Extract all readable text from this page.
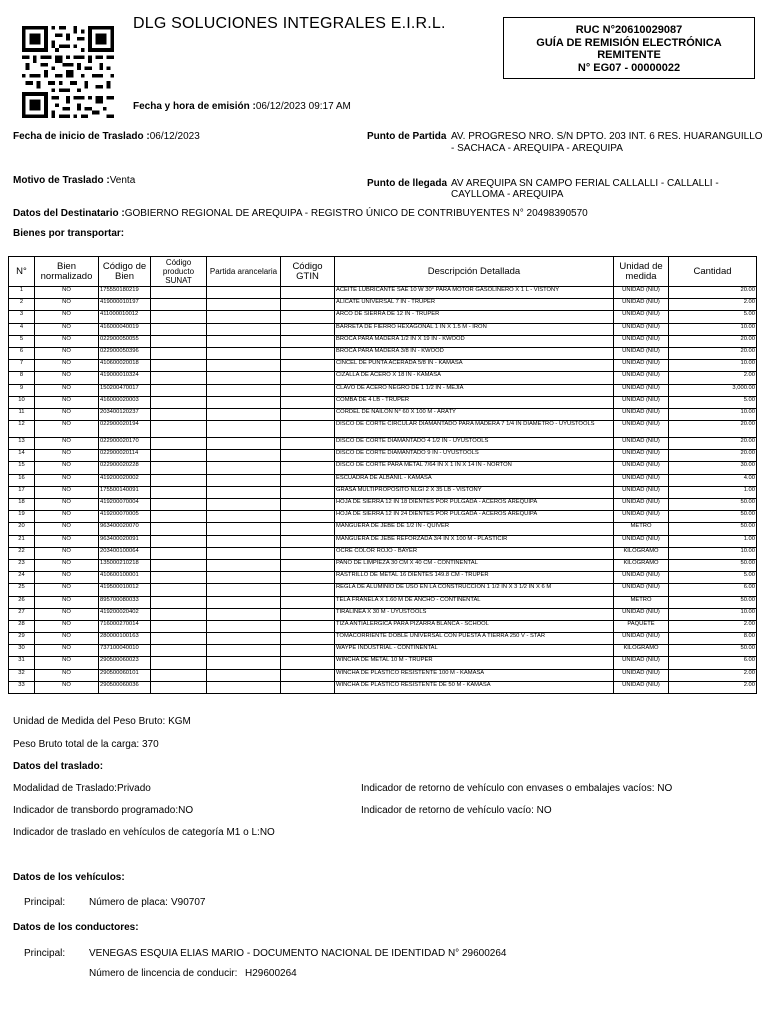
DLG SOLUCIONES INTEGRALES E.I.R.L.
Fecha y hora de emisión :06/12/2023 09:17 AM
RUC N°20610029087
GUÍA DE REMISIÓN ELECTRÓNICA
REMITENTE
N° EG07 - 00000022
Fecha de inicio de Traslado :06/12/2023	Punto de Partida AV. PROGRESO NRO. S/N DPTO. 203 INT. 6 RES. HUARANGUILLO
- SACHACA - AREQUIPA - AREQUIPA
Motivo de Traslado :Venta	Punto de llegada AV AREQUIPA SN CAMPO FERIAL CALLALLI - CALLALLI -
CAYLLOMA - AREQUIPA
Datos del Destinatario :GOBIERNO REGIONAL DE AREQUIPA - REGISTRO ÚNICO DE CONTRIBUYENTES N° 20498390570
Bienes por transportar:
N°	Bien normalizado	Código de Bien	Código producto SUNAT	Partida arancelaria	Código GTIN	Descripción Detallada	Unidad de medida	Cantidad
1	NO	175550180219				ACEITE LUBRICANTE SAE 10 W 30° PARA MOTOR GASOLINERO X 1 L - VISTONY	UNIDAD (NIU)	20.00
2	NO	419000010197				ALICATE UNIVERSAL 7 IN - TRUPER	UNIDAD (NIU)	2.00
3	NO	411000010012				ARCO DE SIERRA DE 12 IN - TRUPER	UNIDAD (NIU)	5.00
4	NO	416000040019				BARRETA DE FIERRO HEXAGONAL 1 IN X 1.5 M - IRON	UNIDAD (NIU)	10.00
5	NO	022900050055				BROCA PARA MADERA 1/2 IN X 19 IN - KWOOD	UNIDAD (NIU)	20.00
6	NO	022900050396				BROCA PARA MADERA 3/8 IN - KWOOD	UNIDAD (NIU)	20.00
7	NO	410600020018				CINCEL DE PUNTA ACERADA 5/8 IN - KAMASA	UNIDAD (NIU)	10.00
8	NO	419000010324				CIZALLA DE ACERO X 18 IN - KAMASA	UNIDAD (NIU)	2.00
9	NO	150200470017				CLAVO DE ACERO NEGRO DE 1 1/2 IN - MEJIA	UNIDAD (NIU)	3,000.00
10	NO	416000020003				COMBA DE 4 LB - TRUPER	UNIDAD (NIU)	5.00
11	NO	203400120237				CORDEL DE NAILON N° 60 X 100 M - ARATY	UNIDAD (NIU)	10.00
12	NO	022900020194				DISCO DE CORTE CIRCULAR DIAMANTADO PARA MADERA 7 1/4 IN DIAMETRO - UYUSTOOLS	UNIDAD (NIU)	20.00
13	NO	022900020170				DISCO DE CORTE DIAMANTADO 4 1/2 IN - UYUSTOOLS	UNIDAD (NIU)	20.00
14	NO	022900020114				DISCO DE CORTE DIAMANTADO 9 IN - UYUSTOOLS	UNIDAD (NIU)	20.00
15	NO	022900020228				DISCO DE CORTE PARA METAL 7/64 IN X 1 IN X 14 IN - NORTON	UNIDAD (NIU)	30.00
16	NO	419200020002				ESCUADRA DE ALBANIL - KAMASA	UNIDAD (NIU)	4.00
17	NO	175500140091				GRASA MULTIPROPÓSITO NLGI 2 X 35 LB - VISTONY	UNIDAD (NIU)	1.00
18	NO	419200070004				HOJA DE SIERRA 12 IN 18 DIENTES POR PULGADA - ACEROS AREQUIPA	UNIDAD (NIU)	50.00
19	NO	419200070005				HOJA DE SIERRA 12 IN 24 DIENTES POR PULGADA - ACEROS AREQUIPA	UNIDAD (NIU)	50.00
20	NO	963400020070				MANGUERA DE JEBE DE 1/2 IN - QUIVER	METRO	50.00
21	NO	963400020091				MANGUERA DE JEBE REFORZADA 3/4 IN X 100 M - PLASTICIR	UNIDAD (NIU)	1.00
22	NO	203400100064				OCRE COLOR ROJO - BAYER	KILOGRAMO	10.00
23	NO	135000210218				PAÑO DE LIMPIEZA 30 CM X 40 CM - CONTINENTAL	KILOGRAMO	50.00
24	NO	410600100001				RASTRILLO DE METAL 16 DIENTES 149.8 CM - TRUPER	UNIDAD (NIU)	5.00
25	NO	419500010012				REGLA DE ALUMINIO DE USO EN LA CONSTRUCCION 1 1/2 IN X 3 1/2 IN X 6 M	UNIDAD (NIU)	6.00
26	NO	895700080033				TELA FRANELA X 1.60 M DE ANCHO - CONTINENTAL	METRO	50.00
27	NO	419200020402				TIRALINEA X 30 M - UYUSTOOLS	UNIDAD (NIU)	10.00
28	NO	716000270014				TIZA ANTIALERGICA PARA PIZARRA BLANCA - SCHOOL	PAQUETE	2.00
29	NO	280000100163				TOMACORRIENTE DOBLE UNIVERSAL CON PUESTA A TIERRA 250 V - STAR	UNIDAD (NIU)	8.00
30	NO	737100040010				WAYPE INDUSTRIAL - CONTINENTAL	KILOGRAMO	50.00
31	NO	290500060023				WINCHA DE METAL 10 M - TRUPER	UNIDAD (NIU)	6.00
32	NO	290500060101				WINCHA DE PLASTICO RESISTENTE 100 M - KAMASA	UNIDAD (NIU)	2.00
33	NO	290500060036				WINCHA DE PLASTICO RESISTENTE DE 50 M - KAMASA	UNIDAD (NIU)	2.00
Unidad de Medida del Peso Bruto: KGM
Peso Bruto total de la carga: 370
Datos del traslado:
Modalidad de Traslado:Privado	Indicador de retorno de vehículo con envases o embalajes vacíos: NO
Indicador de transbordo programado:NO	Indicador de retorno de vehículo vacío: NO
Indicador de traslado en vehículos de categoría M1 o L:NO
Datos de los vehículos:
Principal: Número de placa: V90707
Datos de los conductores:
Principal: VENEGAS ESQUIA ELIAS MARIO - DOCUMENTO NACIONAL DE IDENTIDAD N° 29600264
Número de lincencia de conducir: H29600264
